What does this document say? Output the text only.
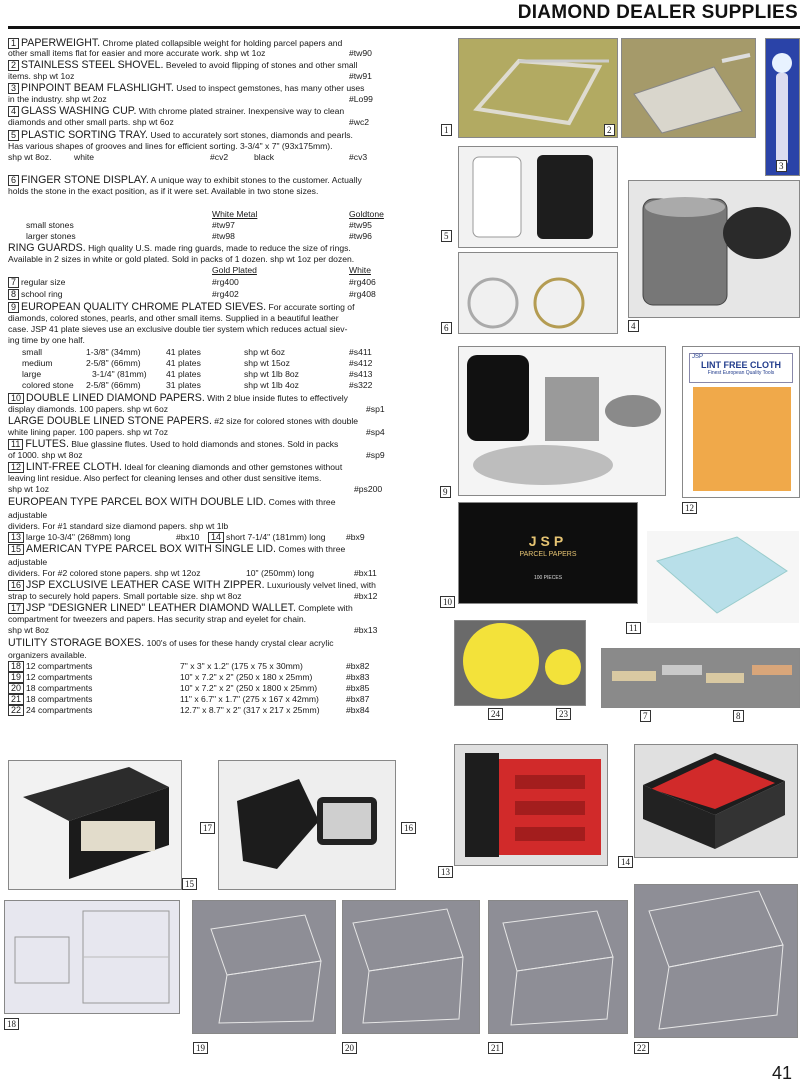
DIAMOND DEALER SUPPLIES
1 PAPERWEIGHT. Chrome plated collapsible weight for holding parcel papers and
other small items flat for easier and more accurate work. shp wt 1oz	#tw90
2 STAINLESS STEEL SHOVEL. Beveled to avoid flipping of stones and other small
items. shp wt 1oz	#tw91
3 PINPOINT BEAM FLASHLIGHT. Used to inspect gemstones, has many other uses
in the industry. shp wt 2oz	#Lo99
4 GLASS WASHING CUP. With chrome plated strainer. Inexpensive way to clean
diamonds and other small parts. shp wt 6oz	#wc2
5 PLASTIC SORTING TRAY. Used to accurately sort stones, diamonds and pearls.
Has various shapes of grooves and lines for efficient sorting. 3-3/4" x 7" (93x175mm).
shp wt 8oz.	white	#cv2	black	#cv3
6 FINGER STONE DISPLAY. A unique way to exhibit stones to the customer. Actually
holds the stone in the exact position, as if it were set. Available in two stone sizes.
White Metal	Goldtone
small stones	#tw97	#tw95
larger stones	#tw98	#tw96
RING GUARDS. High quality U.S. made ring guards, made to reduce the size of rings.
Available in 2 sizes in white or gold plated. Sold in packs of 1 dozen. shp wt 1oz per dozen.
Gold Plated	White
7 regular size	#rg400	#rg406
8 school ring	#rg402	#rg408
9 EUROPEAN QUALITY CHROME PLATED SIEVES. For accurate sorting of
diamonds, colored stones, pearls, and other small items. Supplied in a beautiful leather
case. JSP 41 plate sieves use an exclusive double tier system which reduces actual siev-
ing time by one half.
small	1-3/8" (34mm)	41 plates	shp wt 6oz	#s411
medium	2-5/8" (66mm)	41 plates	shp wt 15oz	#s412
large	3-1/4" (81mm) 41 plates	shp wt 1lb 8oz	#s413
colored stone 2-5/8" (66mm)	31 plates	shp wt 1lb 4oz	#s322
10 DOUBLE LINED DIAMOND PAPERS. With 2 blue inside flutes to effectively
display diamonds. 100 papers. shp wt 6oz	#sp1
LARGE DOUBLE LINED STONE PAPERS. #2 size for colored stones with double
white lining paper. 100 papers. shp wt 7oz	#sp4
11 FLUTES. Blue glassine flutes. Used to hold diamonds and stones. Sold in packs
of 1000. shp wt 8oz	#sp9
12 LINT-FREE CLOTH. Ideal for cleaning diamonds and other gemstones without
leaving lint residue. Also perfect for cleaning lenses and other dust sensitive items.
shp wt 1oz	#ps200
EUROPEAN TYPE PARCEL BOX WITH DOUBLE LID. Comes with three
adjustable
dividers. For #1 standard size diamond papers. shp wt 1lb
13 large 10-3/4" (268mm) long	#bx10	14 short 7-1/4" (181mm) long #bx9
15 AMERICAN TYPE PARCEL BOX WITH SINGLE LID. Comes with three
adjustable
dividers. For #2 colored stone papers. shp wt 12oz	10" (250mm) long	#bx11
16 JSP EXCLUSIVE LEATHER CASE WITH ZIPPER. Luxuriously velvet lined, with
strap to securely hold papers. Small portable size. shp wt 8oz	#bx12
17 JSP "DESIGNER LINED" LEATHER DIAMOND WALLET. Complete with
compartment for tweezers and papers. Has security strap and eyelet for chain.
shp wt 8oz	#bx13
UTILITY STORAGE BOXES. 100's of uses for these handy crystal clear acrylic
organizers available.
18 12 compartments	7" x 3" x 1.2" (175 x 75 x 30mm)	#bx82
19 12 compartments	10" x 7.2" x 2" (250 x 180 x 25mm)	#bx83
20 18 compartments	10" x 7.2" x 2" (250 x 1800 x 25mm)	#bx85
21 18 compartments	11" x 6.7" x 1.7" (275 x 167 x 42mm)	#bx87
22 24 compartments	12.7" x 8.7" x 2" (317 x 217 x 25mm)	#bx84
1	2
3
5
4
6
9
JSP
LINT FREE CLOTH
Finest European Quality Tools
12
JSP
PARCEL PAPERS
100 PIECES
10
11
24	23	7	8
15
17	16
13
14
18
19	20	21	22
41
